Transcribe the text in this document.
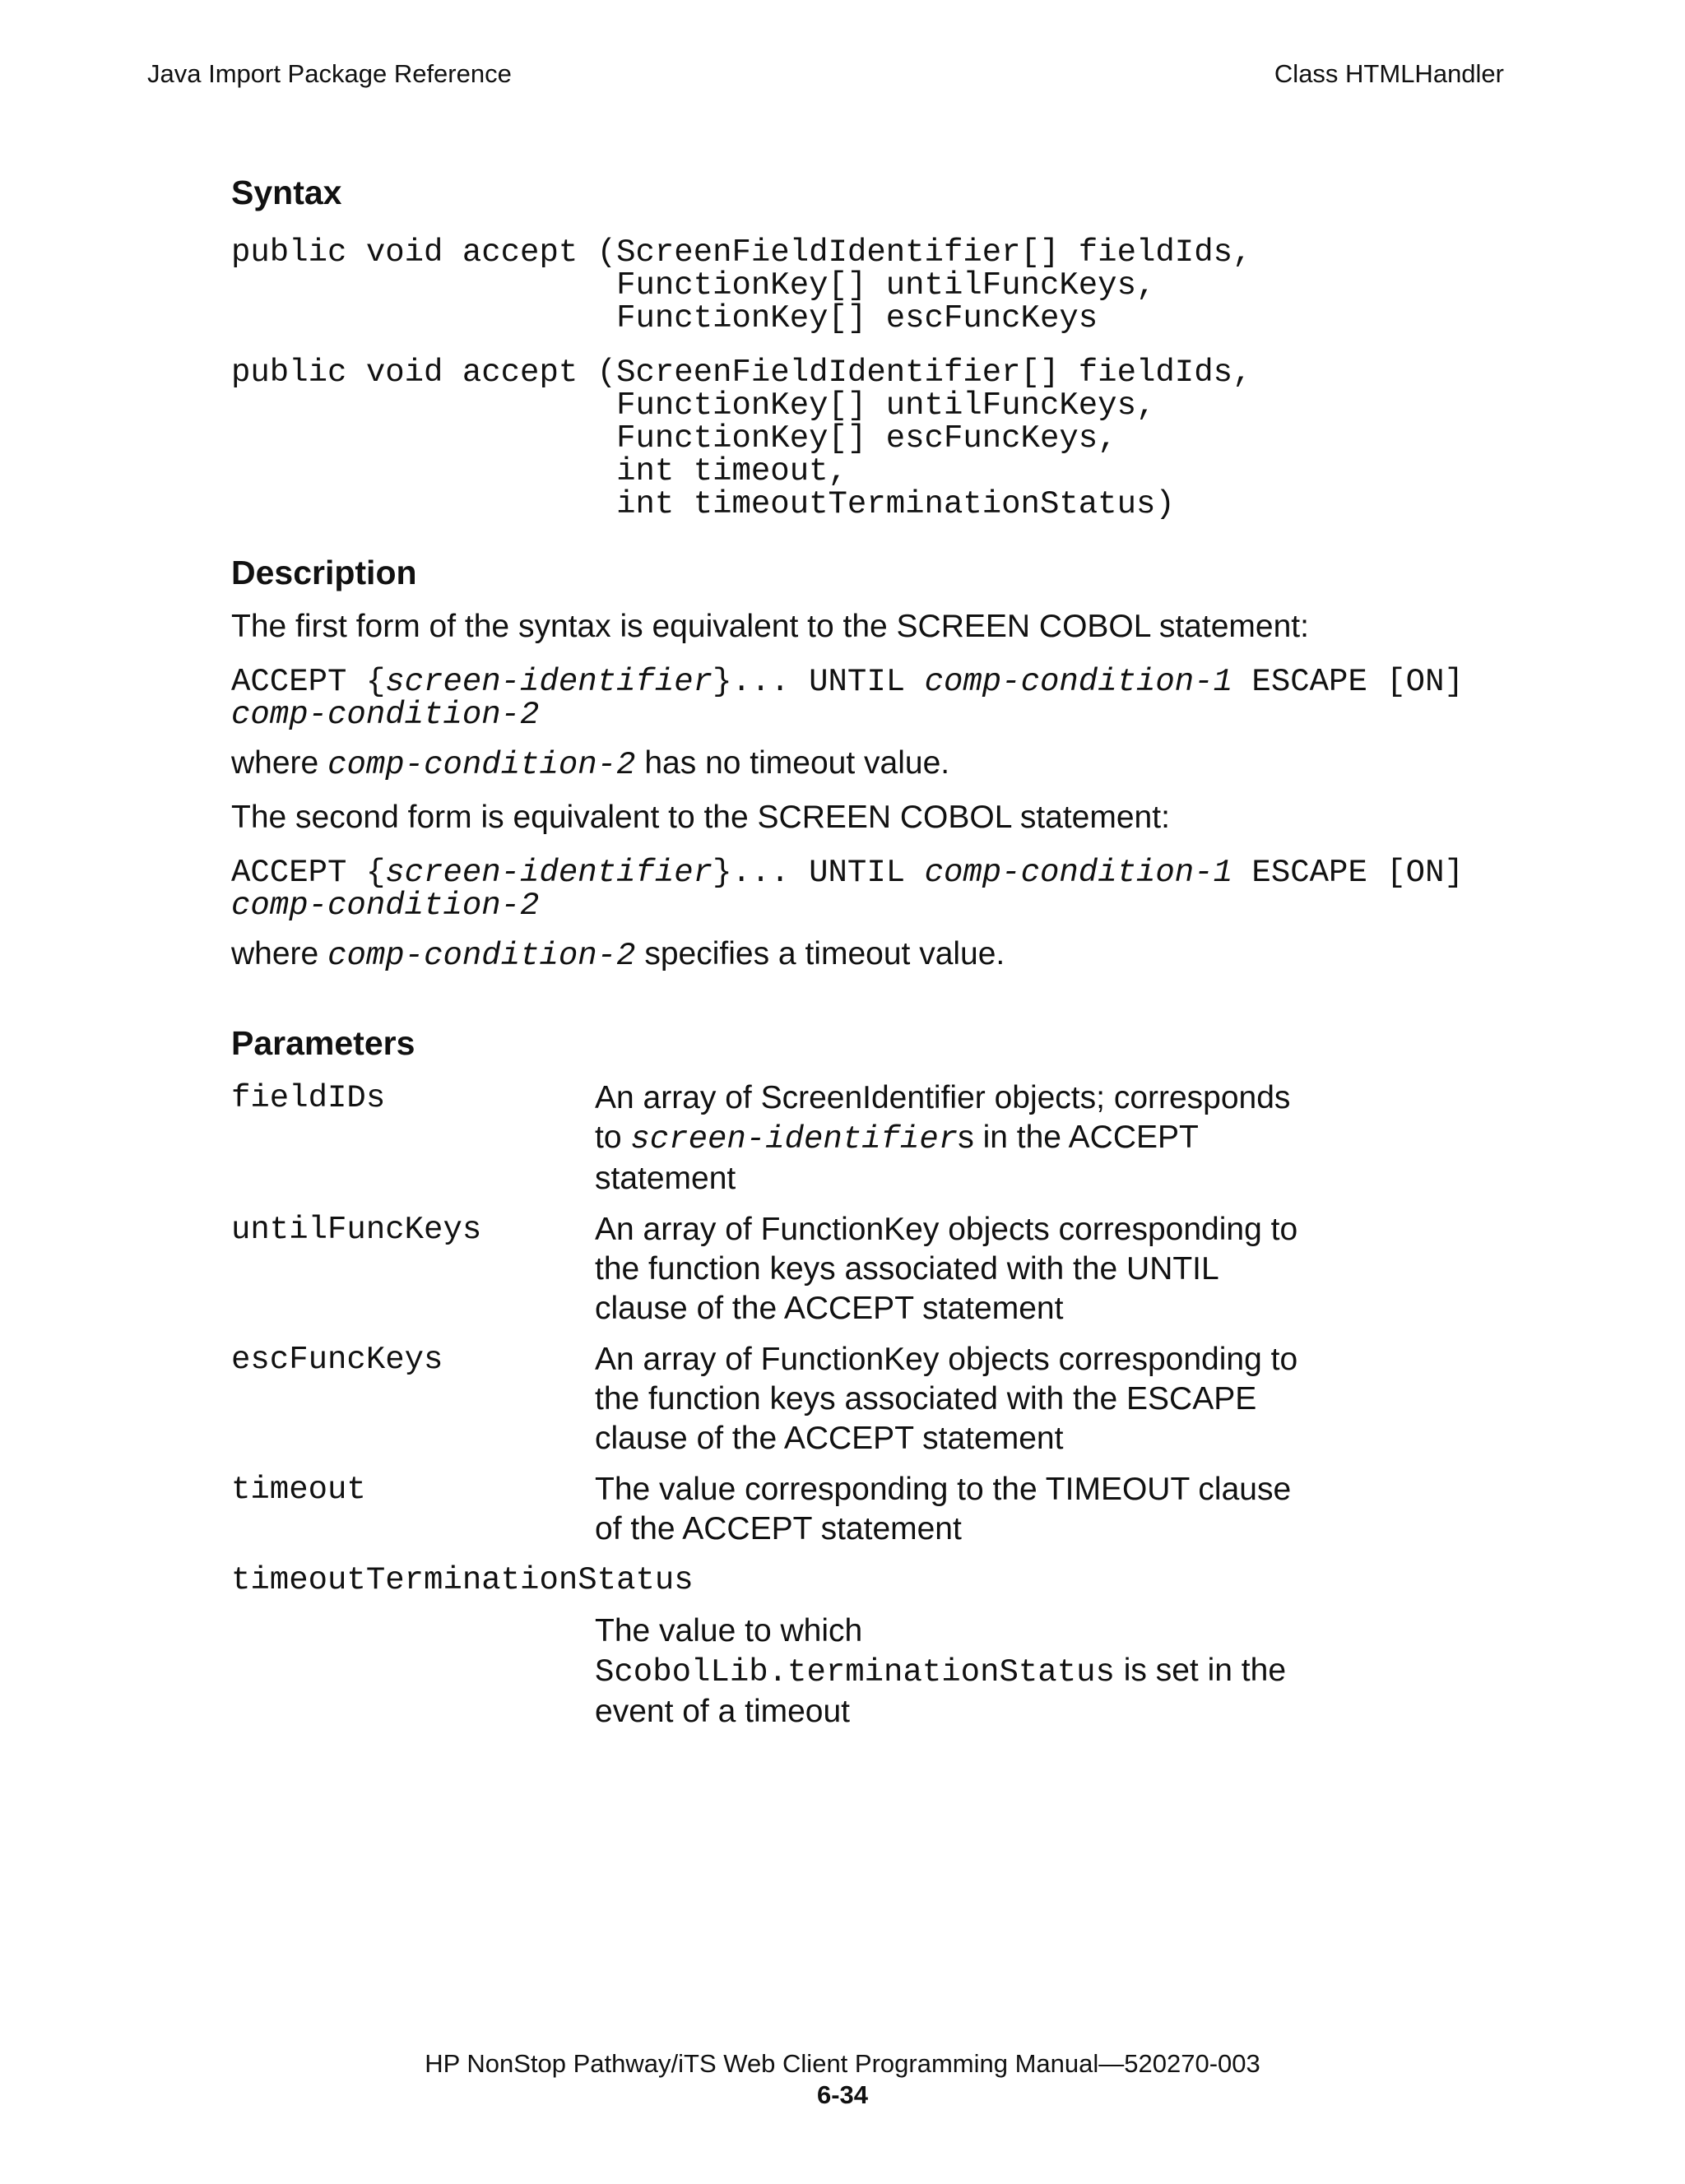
Java Import Package Reference	Class HTMLHandler
Syntax
public void accept (ScreenFieldIdentifier[] fieldIds,
FunctionKey[] untilFuncKeys,
FunctionKey[] escFuncKeys
public void accept (ScreenFieldIdentifier[] fieldIds,
FunctionKey[] untilFuncKeys,
FunctionKey[] escFuncKeys,
int timeout,
int timeoutTerminationStatus)
Description

The first form of the syntax is equivalent to the SCREEN COBOL statement:

ACCEPT {screen-identifier}... UNTIL comp-condition-1 ESCAPE [ON]
comp-condition-2

where comp-condition-2 has no timeout value.

The second form is equivalent to the SCREEN COBOL statement:

ACCEPT {screen-identifier}... UNTIL comp-condition-1 ESCAPE [ON]
comp-condition-2

where comp-condition-2 specifies a timeout value.

Parameters
fieldIDs	An array of ScreenIdentifier objects; corresponds to screen-identifiers in the ACCEPT statement
untilFuncKeys	An array of FunctionKey objects corresponding to the function keys associated with the UNTIL clause of the ACCEPT statement
escFuncKeys	An array of FunctionKey objects corresponding to the function keys associated with the ESCAPE clause of the ACCEPT statement
timeout	The value corresponding to the TIMEOUT clause of the ACCEPT statement
timeoutTerminationStatus
The value to which ScobolLib.terminationStatus is set in the event of a timeout
HP NonStop Pathway/iTS Web Client Programming Manual—520270-003
6-34
